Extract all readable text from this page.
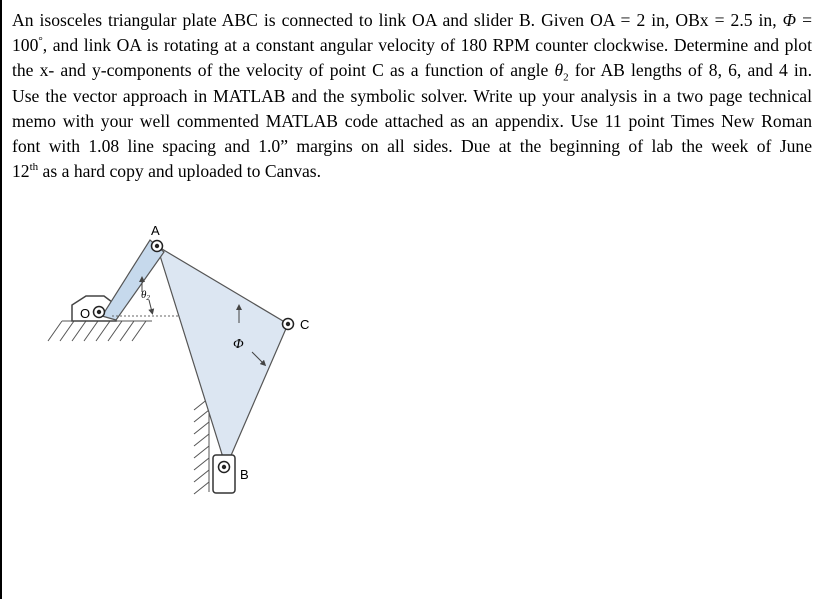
An isosceles triangular plate ABC is connected to link OA and slider B. Given OA = 2 in, OBx = 2.5 in, Φ =
100°, and link OA is rotating at a constant angular velocity of 180 RPM counter clockwise. Determine and plot
the x- and y-components of the velocity of point C as a function of angle $\theta_2$ for AB lengths of 8, 6, and 4 in.
Use the vector approach in MATLAB and the symbolic solver. Write up your analysis in a two page technical
memo with your well commented MATLAB code attached as an appendix. Use 11 point Times New Roman
font with 1.08 line spacing and 1.0” margins on all sides. Due at the beginning of lab the week of June
12th as a hard copy and uploaded to Canvas.
θ2
Φ
A
B
C
O
